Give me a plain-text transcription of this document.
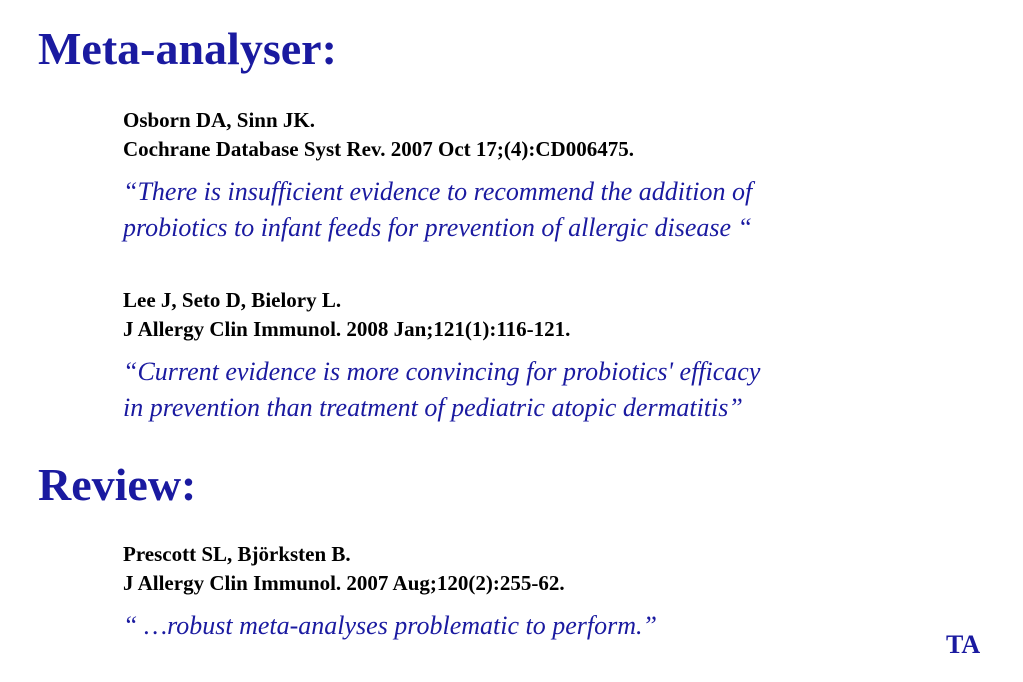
Meta-analyser:
Osborn DA, Sinn JK.
Cochrane Database Syst Rev. 2007 Oct 17;(4):CD006475.
“There is insufficient evidence to recommend the addition of
probiotics to infant feeds for prevention of allergic disease “
Lee J, Seto D, Bielory L.
J Allergy Clin Immunol. 2008 Jan;121(1):116-121.
“Current evidence is more convincing for probiotics' efficacy
in prevention than treatment of pediatric atopic dermatitis”
Review:
Prescott SL, Björksten B.
J Allergy Clin Immunol. 2007 Aug;120(2):255-62.
“ …robust meta-analyses problematic to perform.”
TA
